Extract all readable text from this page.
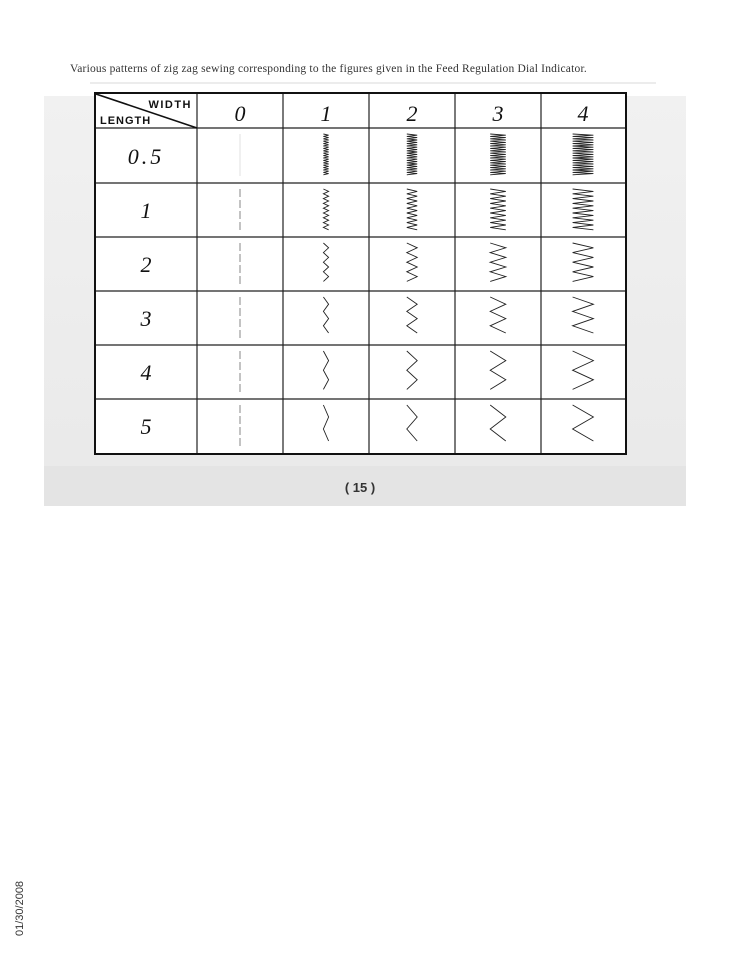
Various patterns of zig zag sewing corresponding to the figures given in the Feed Regulation Dial Indicator.
WIDTH
LENGTH	0	1	2	3	4
0.5
1
2
3
4
5
( 15 )
01/30/2008
